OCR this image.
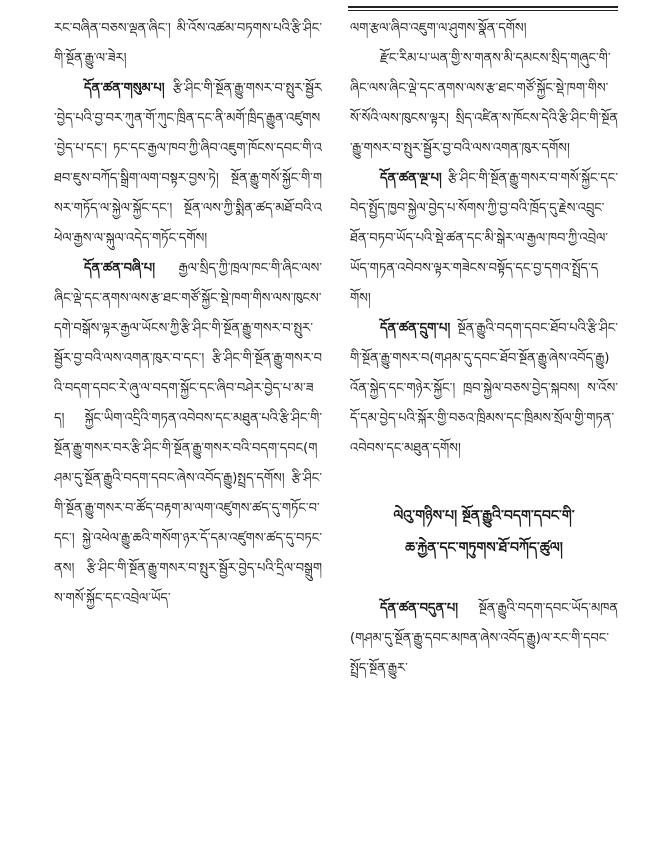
རང་བཞིན་བཅས་ལྡན་ཞིང་། མི་འོས་འཚམ་བཏགས་པའི་རྩི་ཤིང་གི་སྔོན་རྒྱུ་ལ་ཟེར།

དོན་ཚན་གསུམ་པ། རྩི་ཤིང་གི་སྔོན་རྒྱུ་གསར་བ་སྤུར་སྦྱོར་བྱེད་པའི་བྱ་བར་ཀུན་གོ་ཀུང་ཁྲིན་དང་ནི་མགོ་ཁྲིད་རྒྱུན་འཛུགས་བྱེད་པ་དང་། ཏང་དང་རྒྱལ་ཁབ་ཀྱི་ཞིབ་འཇུག་ཁོངས་དབང་གི་འཐབ་ཇུས་བཀོད་སྒྲིག་ལག་བསྟར་བྱས་ཏེ། སྔོན་རྒྱུ་གསོ་སྐྱོང་གི་གསར་གཏོད་ལ་སྐྱེལ་སྐྱོང་དང་། སྔོན་ལས་ཀྱི་སྨིན་ཚད་མཐོ་བའི་འཕེལ་རྒྱས་ལ་སྐུལ་འདེད་གཏོང་དགོས།

དོན་ཚན་བཞི་པ། རྒྱལ་སྲིད་ཀྱི་ཁྲལ་ཁང་གི་ཞིང་ལས་ཞིང་ལྡེ་དང་ནགས་ལས་རྩ་ཐང་གཙོ་སྐྱོང་སྡེ་ཁག་གིས་ལས་ཁུངས་དགེ་བསྒོས་ལྟར་རྒྱལ་ཡོངས་ཀྱི་རྩི་ཤིང་གི་སྔོན་རྒྱུ་གསར་བ་སྤུར་སྦྱོར་བྱ་བའི་ལས་འགན་ཁུར་བ་དང་། རྩི་ཤིང་གི་སྔོན་རྒྱུ་གསར་བའི་བདག་དབང་རེ་ཞུ་ལ་བདག་སྐྱོང་དང་ཞིབ་བཤེར་བྱེད་པ་མ་ཟད། སྐྱོང་ཡིག་འདྲིའི་གཏན་འབེབས་དང་མཐུན་པའི་རྩི་ཤིང་གི་སྔོན་རྒྱུ་གསར་བར་རྩི་ཤིང་གི་སྔོན་རྒྱུ་གསར་བའི་བདག་དབང(གཤམ་དུ་སྔོན་རྒྱུའི་བདག་དབང་ཞེས་འབོད་རྒྱུ)སྤྲད་དགོས། རྩི་ཤིང་གི་སྔོན་རྒྱུ་གསར་བ་ཚོད་བརྟག་མ་ལག་འཛུགས་ཚད་དུ་གཏོང་བ་དང་། སྐྱེ་འཕེལ་རྒྱུ་ཆའི་གསོག་ཉར་དོ་དམ་འཛུགས་ཚད་དུ་བཏང་ནས། རྩི་ཤིང་གི་སྔོན་རྒྱུ་གསར་བ་སྤུར་སྦྱོར་བྱེད་པའི་དྲིལ་བསྒྲུགས་གསོ་སྐྱོང་དང་འབྲེལ་ཡོད་

ལག་རྩལ་ཞིབ་འཇུག་ལ་ཤུགས་སྣོན་དགོས།

རྫོང་རིམ་པ་ཡན་གྱི་ས་གནས་མི་དམངས་སྲིད་གཞུང་གི་ཞིང་ལས་ཞིང་ལྡེ་དང་ནགས་ལས་རྩ་ཐང་གཙོ་སྐྱོང་སྡེ་ཁག་གིས་སོ་སོའི་ལས་ཁུངས་ལྟར། སྲིད་འཛིན་ས་ཁོངས་དེའི་རྩི་ཤིང་གི་སྔོན་རྒྱུ་གསར་བ་སྤུར་སྦྱོར་བྱ་བའི་ལས་འགན་ཁུར་དགོས།

དོན་ཚན་ལྔ་པ། རྩི་ཤིང་གི་སྔོན་རྒྱུ་གསར་བ་གསོ་སྐྱོང་དང་བེད་སྤྱོད་ཁྱབ་སྐྱེལ་བྱེད་པ་སོགས་ཀྱི་བྱ་བའི་ཁྲོད་དུ་རྗེས་འབྲུང་ཐོན་བཏབ་ཡོད་པའི་སྡེ་ཚན་དང་མི་སྒེར་ལ་རྒྱལ་ཁབ་ཀྱི་འབྲེལ་ཡོད་གཏན་འབེབས་ལྟར་གཟེངས་བསྟོད་དང་བྱ་དགའ་སྤྲོད་དགོས།

དོན་ཚན་དྲུག་པ། སྔོན་རྒྱུའི་བདག་དབང་ཐོབ་པའི་རྩི་ཤིང་གི་སྔོན་རྒྱུ་གསར་བ(གཤམ་དུ་དབང་ཐོབ་སྔོན་རྒྱུ་ཞེས་འབོད་རྒྱུ)འོན་སྐྱེད་དང་གཉེར་སྐྱོང་། ཁྲབ་སྐྱེལ་བཅས་བྱེད་སྐབས། ས་འོས་དོ་དམ་བྱེད་པའི་སྐོར་གྱི་བཅའ་ཁྲིམས་དང་ཁྲིམས་སྲོལ་གྱི་གཏན་འབེབས་དང་མཐུན་དགོས།

ལེའུ་གཉིས་པ། སྔོན་རྒྱུའི་བདག་དབང་གི་
ཆ་རྐྱེན་དང་གཏུགས་ཐོ་བཀོད་ཚུལ།

དོན་ཚན་བདུན་པ། སྔོན་རྒྱུའི་བདག་དབང་ཡོད་མཁན(གཤམ་དུ་སྔོན་རྒྱུ་དབང་མཁན་ཞེས་འབོད་རྒྱུ)ལ་རང་གི་དབང་སྤྲོད་སྔོན་རྒྱུར་
